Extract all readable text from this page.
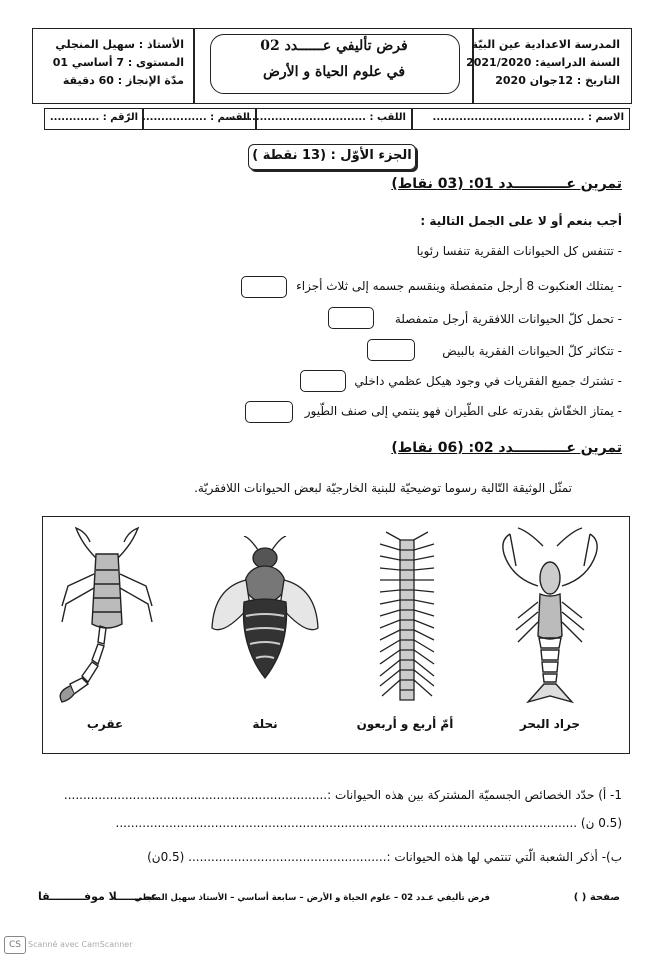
المدرسة الاعدادية عين البيّة
السنة الدراسية: 2021/2020
التاريخ : 12جوان 2020
فرض تأليفي عــــــدد 02
في علوم الحياة و الأرض
الأستاذ : سهيل المنجلي
المستوى : 7 أساسي 01
مدّة الإنجاز : 60 دقيقة
الاسم : ........................................
اللقب : ....................................
القسم : .................
الرّقم : .............
الجزء الأوّل : (13 نقطة )
تمرين عـــــــــــدد 01: (03 نقاط)
أجب بنعم أو لا على الجمل التالية :
- تتنفس كل الحيوانات الفقرية تنفسا رئويا
- يمتلك العنكبوت 8 أرجل متمفصلة وينقسم جسمه إلى ثلاث أجزاء
- تحمل كلّ الحيوانات اللافقرية أرجل متمفصلة
- تتكاثر كلّ الحيوانات الفقرية بالبيض
- تشترك جميع الفقريات في وجود هيكل عظمي داخلي
- يمتاز الخفّاش بقدرته على الطّيران فهو ينتمي إلى صنف الطّيور
تمرين عـــــــــــدد 02: (06 نقاط)
تمثّل الوثيقة التّالية رسوما توضيحيّة للبنية الخارجيّة لبعض الحيوانات اللافقريّة.
جراد البحر
أمّ أربع و أربعون
نحلة
عقرب
1- أ) حدّد الخصائص الجسميّة المشتركة بين هذه الحيوانات :.....................................................................
(0.5 ن) .........................................................................................................................
ب)- أذكر الشعبة الّتي تنتمي لها هذه الحيوانات :.................................................... (0.5ن)
صفحة ( )
فرض تأليفي عـدد 02 – علوم الحياة و الأرض – سابعة أساسي – الأستاذ سهيل المنجلي
عمـــــــلا موفـــــــــقا
CS Scanné avec CamScanner
